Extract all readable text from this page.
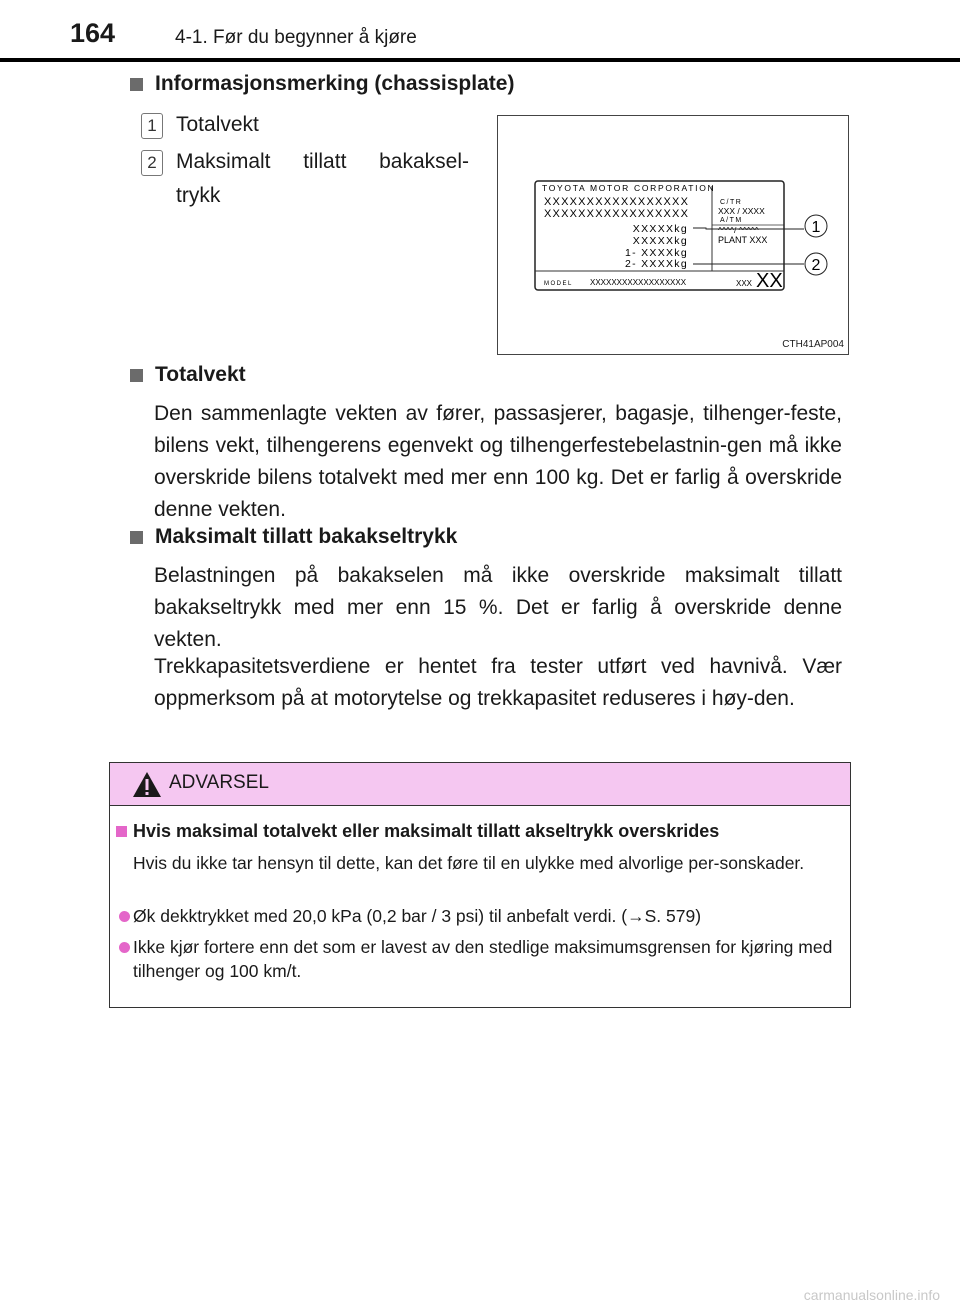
164	4-1. Før du begynner å kjøre
Informasjonsmerking (chassisplate)
1 Totalvekt
2 Maksimalt tillatt bakaksel-
trykk	TOYOTA MOTOR CORPORATION
XXXXXXXXXXXXXXXXX
XXXXXXXXXXXXXXXXX
XXXXXkg
XXXXXkg
1- XXXXkg
2- XXXXkg
C/TR
XXX / XXXX
A/TM
^^^^/ ^^^^^
PLANT XXX
MODEL XXXXXXXXXXXXXXXXXX	XXX XX
1
2
CTH41AP004
Totalvekt
Den sammenlagte vekten av fører, passasjerer, bagasje, tilhenger-feste, bilens vekt, tilhengerens egenvekt og tilhengerfestebelastnin-gen må ikke overskride bilens totalvekt med mer enn 100 kg. Det er farlig å overskride denne vekten.
Maksimalt tillatt bakakseltrykk
Belastningen på bakakselen må ikke overskride maksimalt tillatt bakakseltrykk med mer enn 15 %. Det er farlig å overskride denne vekten.
Trekkapasitetsverdiene er hentet fra tester utført ved havnivå. Vær oppmerksom på at motorytelse og trekkapasitet reduseres i høy-den.
ADVARSEL
Hvis maksimal totalvekt eller maksimalt tillatt akseltrykk overskrides
Hvis du ikke tar hensyn til dette, kan det føre til en ulykke med alvorlige per-sonskader.
Øk dekktrykket med 20,0 kPa (0,2 bar / 3 psi) til anbefalt verdi. (→S. 579)
Ikke kjør fortere enn det som er lavest av den stedlige maksimumsgrensen for kjøring med tilhenger og 100 km/t.
carmanualsonline.info
